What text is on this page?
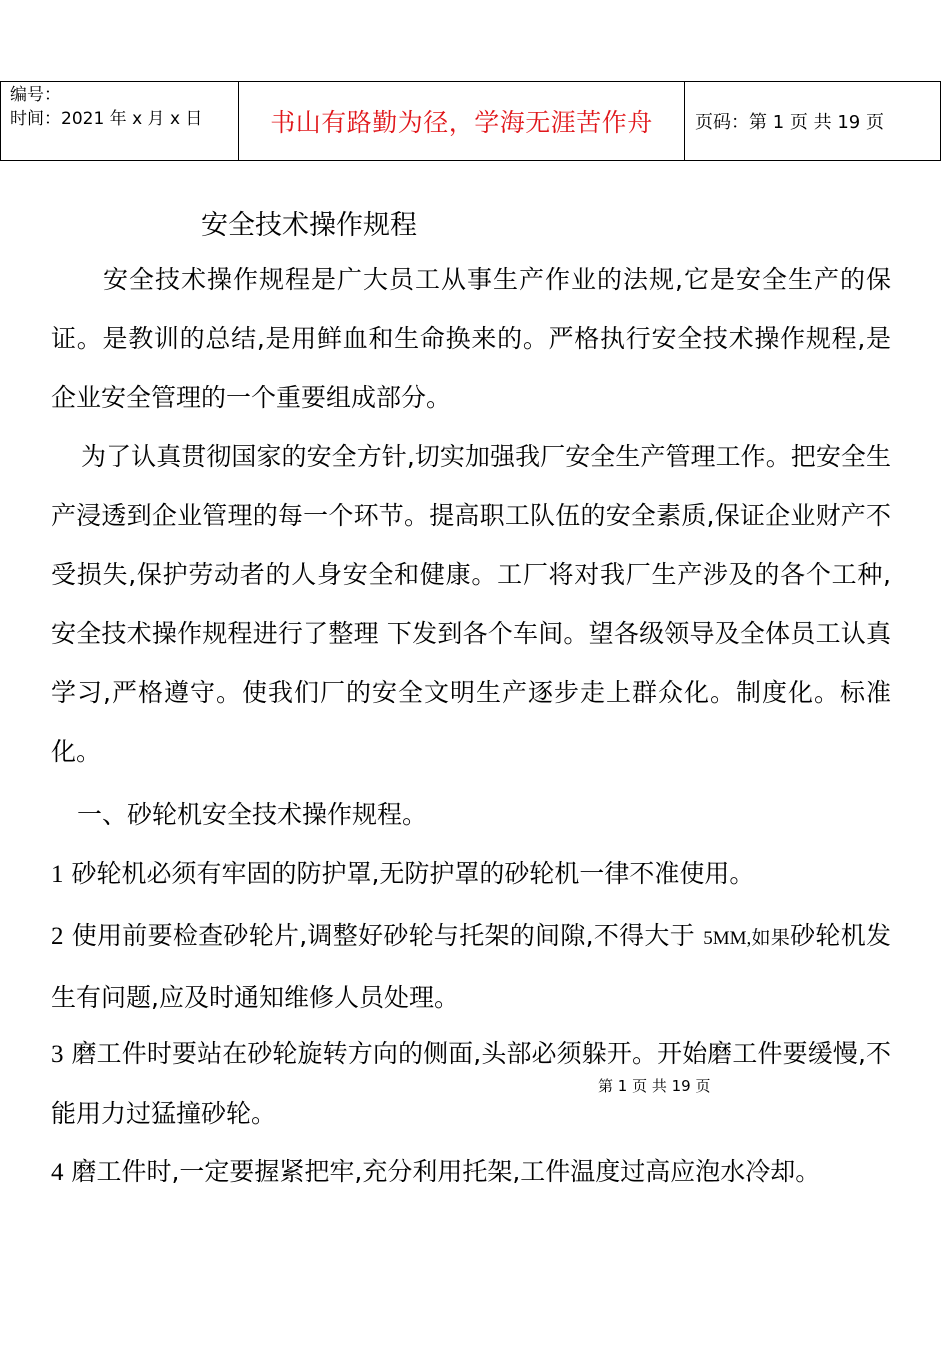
编号：
时间：2021 年 x 月 x 日	书山有路勤为径，学海无涯苦作舟	页码：第 1 页 共 19 页
安全技术操作规程

安全技术操作规程是广大员工从事生产作业的法规,它是安全生产的保证。是教训的总结,是用鲜血和生命换来的。严格执行安全技术操作规程,是企业安全管理的一个重要组成部分。

为了认真贯彻国家的安全方针,切实加强我厂安全生产管理工作。把安全生产浸透到企业管理的每一个环节。提高职工队伍的安全素质,保证企业财产不受损失,保护劳动者的人身安全和健康。工厂将对我厂生产涉及的各个工种,安全技术操作规程进行了整理 下发到各个车间。望各级领导及全体员工认真学习,严格遵守。使我们厂的安全文明生产逐步走上群众化。制度化。标准化。

一、砂轮机安全技术操作规程。

1 砂轮机必须有牢固的防护罩,无防护罩的砂轮机一律不准使用。

2 使用前要检查砂轮片,调整好砂轮与托架的间隙,不得大于 5MM,如果砂轮机发生有问题,应及时通知维修人员处理。

3 磨工件时要站在砂轮旋转方向的侧面,头部必须躲开。开始磨工件要缓慢,不能用力过猛撞砂轮。

4 磨工件时,一定要握紧把牢,充分利用托架,工件温度过高应泡水冷却。

第 1 页 共 19 页
